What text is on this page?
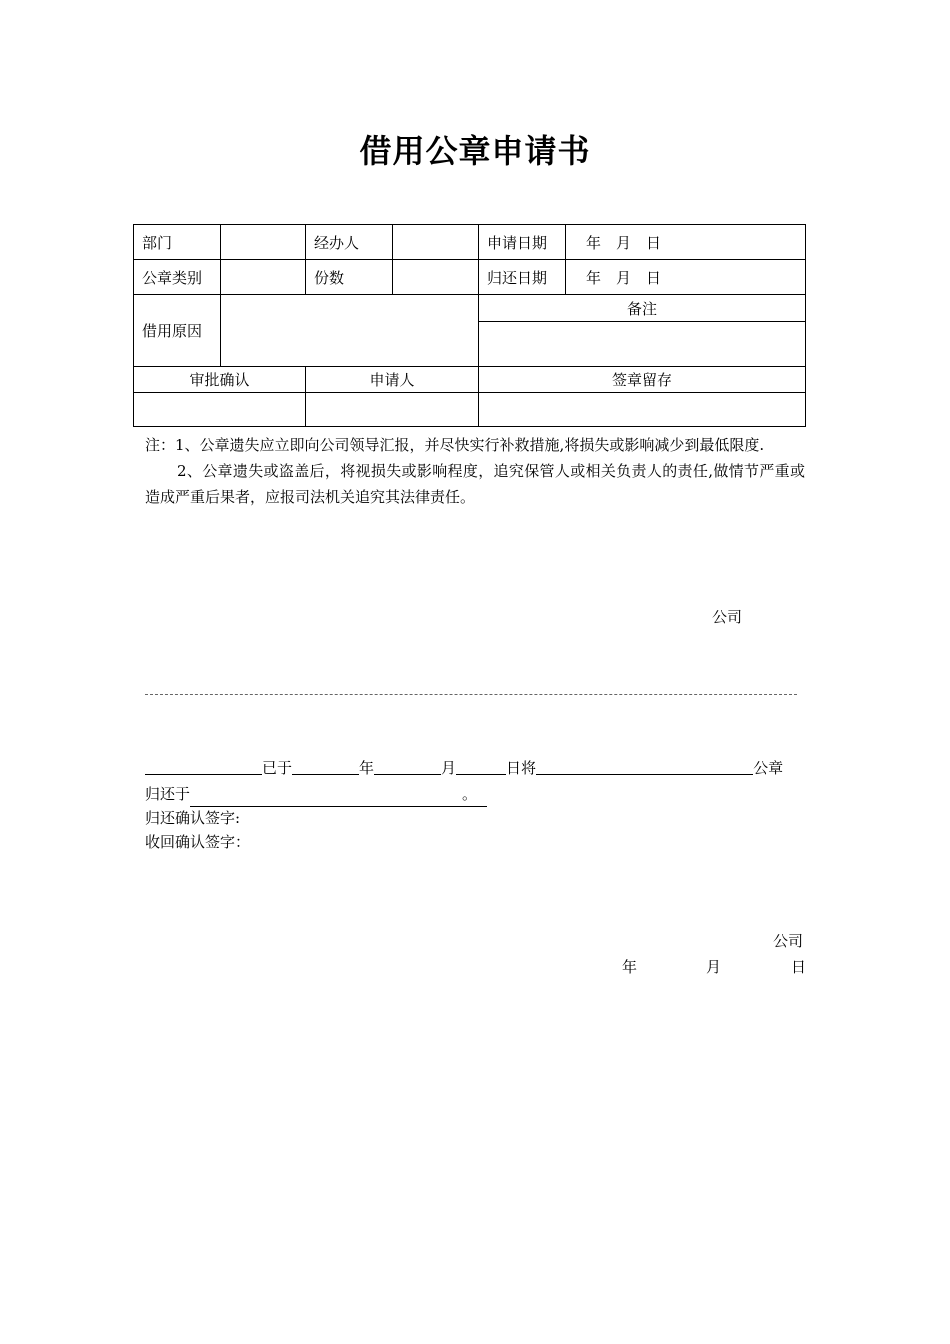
借用公章申请书
部门		经办人		申请日期	年　月　日
公章类别		份数		归还日期	年　月　日
借用原因				备注	

审批确认		申请人		签章留存	

注：1、公章遗失应立即向公司领导汇报，并尽快实行补救措施,将损失或影响减少到最低限度.

2、公章遗失或盗盖后，将视损失或影响程度，追究保管人或相关负责人的责任,做情节严重或造成严重后果者，应报司法机关追究其法律责任。

公司
已于	年	月	日将	公章
归还于	。
归还确认签字:
收回确认签字：
公司
年	月	日
